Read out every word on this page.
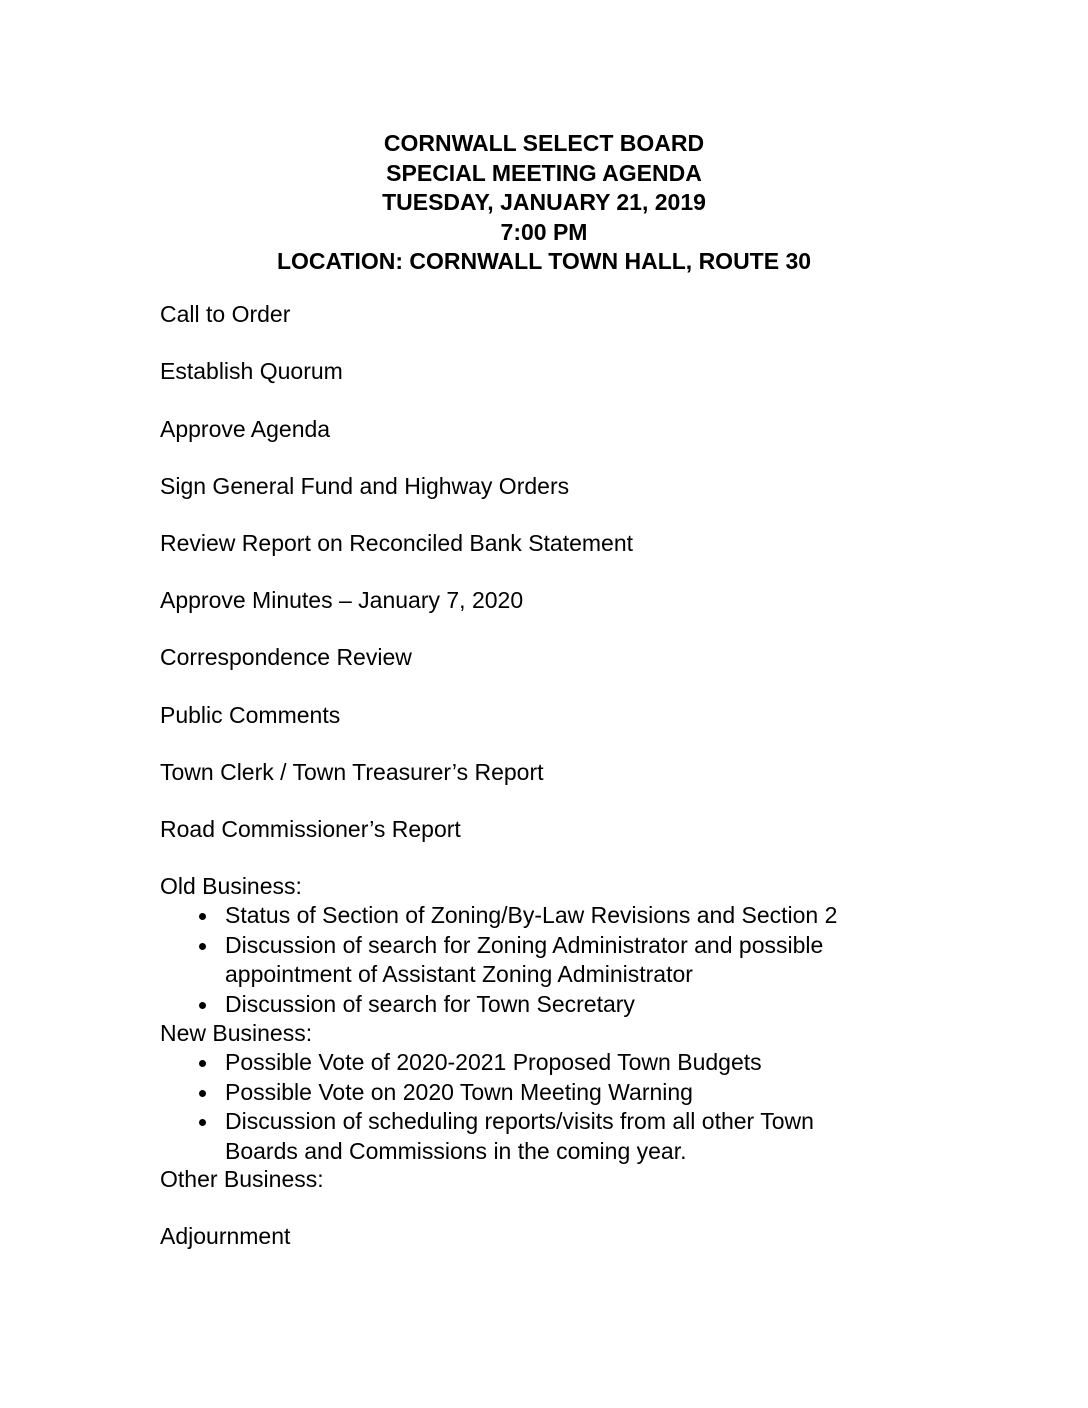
CORNWALL SELECT BOARD
SPECIAL MEETING AGENDA
TUESDAY, JANUARY 21, 2019
7:00 PM
LOCATION: CORNWALL TOWN HALL, ROUTE 30
Call to Order
Establish Quorum
Approve Agenda
Sign General Fund and Highway Orders
Review Report on Reconciled Bank Statement
Approve Minutes – January 7, 2020
Correspondence Review
Public Comments
Town Clerk / Town Treasurer’s Report
Road Commissioner’s Report
Old Business:
Status of Section of Zoning/By-Law Revisions and Section 2
Discussion of search for Zoning Administrator and possible
appointment of Assistant Zoning Administrator
Discussion of search for Town Secretary
New Business:
Possible Vote of 2020-2021 Proposed Town Budgets
Possible Vote on 2020 Town Meeting Warning
Discussion of scheduling reports/visits from all other Town
Boards and Commissions in the coming year.
Other Business:
Adjournment
